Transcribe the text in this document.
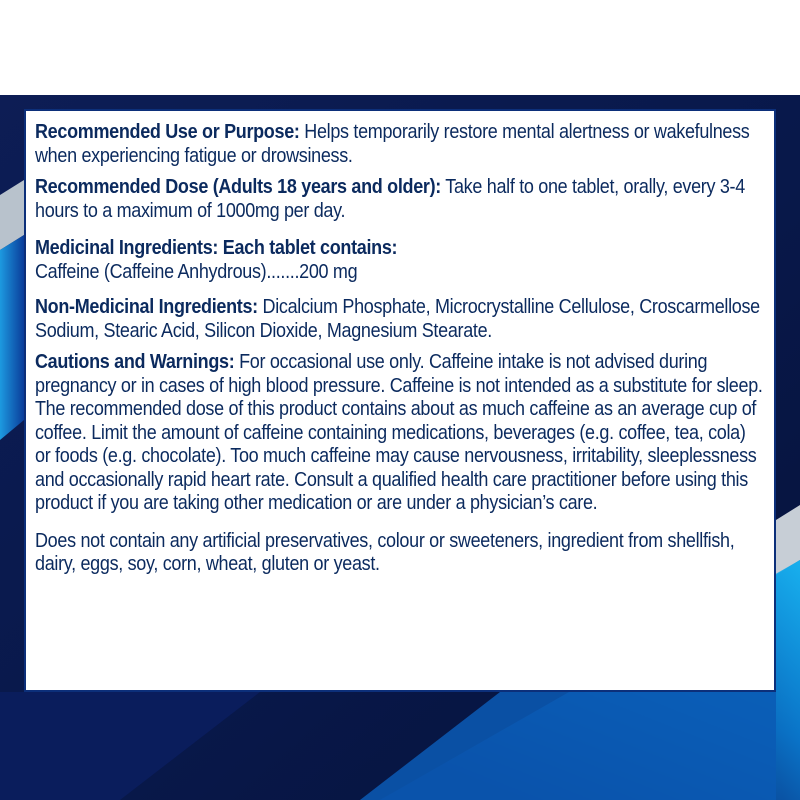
Recommended Use or Purpose: Helps temporarily restore mental alertness or wakefulness when experiencing fatigue or drowsiness.

Recommended Dose (Adults 18 years and older): Take half to one tablet, orally, every 3-4 hours to a maximum of 1000mg per day.

Medicinal Ingredients: Each tablet contains:
Caffeine (Caffeine Anhydrous).......200 mg

Non-Medicinal Ingredients: Dicalcium Phosphate, Microcrystalline Cellulose, Croscarmellose Sodium, Stearic Acid, Silicon Dioxide, Magnesium Stearate.

Cautions and Warnings: For occasional use only. Caffeine intake is not advised during pregnancy or in cases of high blood pressure. Caffeine is not intended as a substitute for sleep. The recommended dose of this product contains about as much caffeine as an average cup of coffee. Limit the amount of caffeine containing medications, beverages (e.g. coffee, tea, cola) or foods (e.g. chocolate). Too much caffeine may cause nervousness, irritability, sleeplessness and occasionally rapid heart rate. Consult a qualified health care practitioner before using this product if you are taking other medication or are under a physician’s care.

Does not contain any artificial preservatives, colour or sweeteners, ingredient from shellfish, dairy, eggs, soy, corn, wheat, gluten or yeast.
